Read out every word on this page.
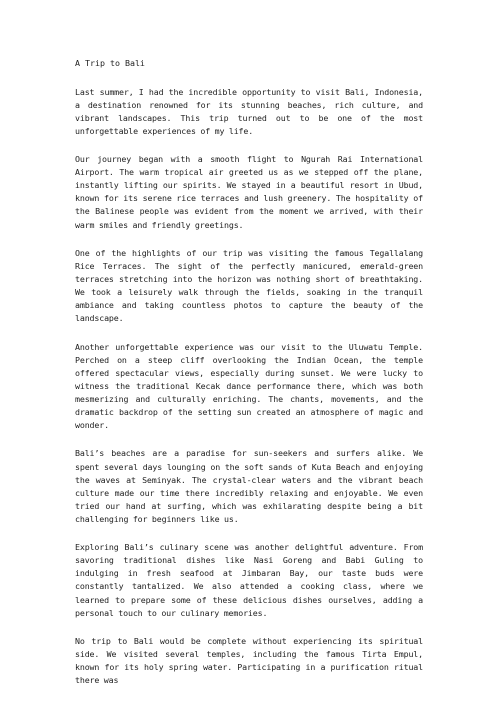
A Trip to Bali

Last summer, I had the incredible opportunity to visit Bali, Indonesia, a destination renowned for its stunning beaches, rich culture, and vibrant landscapes. This trip turned out to be one of the most unforgettable experiences of my life.

Our journey began with a smooth flight to Ngurah Rai International Airport. The warm tropical air greeted us as we stepped off the plane, instantly lifting our spirits. We stayed in a beautiful resort in Ubud, known for its serene rice terraces and lush greenery. The hospitality of the Balinese people was evident from the moment we arrived, with their warm smiles and friendly greetings.

One of the highlights of our trip was visiting the famous Tegallalang Rice Terraces. The sight of the perfectly manicured, emerald-green terraces stretching into the horizon was nothing short of breathtaking. We took a leisurely walk through the fields, soaking in the tranquil ambiance and taking countless photos to capture the beauty of the landscape.

Another unforgettable experience was our visit to the Uluwatu Temple. Perched on a steep cliff overlooking the Indian Ocean, the temple offered spectacular views, especially during sunset. We were lucky to witness the traditional Kecak dance performance there, which was both mesmerizing and culturally enriching. The chants, movements, and the dramatic backdrop of the setting sun created an atmosphere of magic and wonder.

Bali’s beaches are a paradise for sun-seekers and surfers alike. We spent several days lounging on the soft sands of Kuta Beach and enjoying the waves at Seminyak. The crystal-clear waters and the vibrant beach culture made our time there incredibly relaxing and enjoyable. We even tried our hand at surfing, which was exhilarating despite being a bit challenging for beginners like us.

Exploring Bali’s culinary scene was another delightful adventure. From savoring traditional dishes like Nasi Goreng and Babi Guling to indulging in fresh seafood at Jimbaran Bay, our taste buds were constantly tantalized. We also attended a cooking class, where we learned to prepare some of these delicious dishes ourselves, adding a personal touch to our culinary memories.

No trip to Bali would be complete without experiencing its spiritual side. We visited several temples, including the famous Tirta Empul, known for its holy spring water. Participating in a purification ritual there was
